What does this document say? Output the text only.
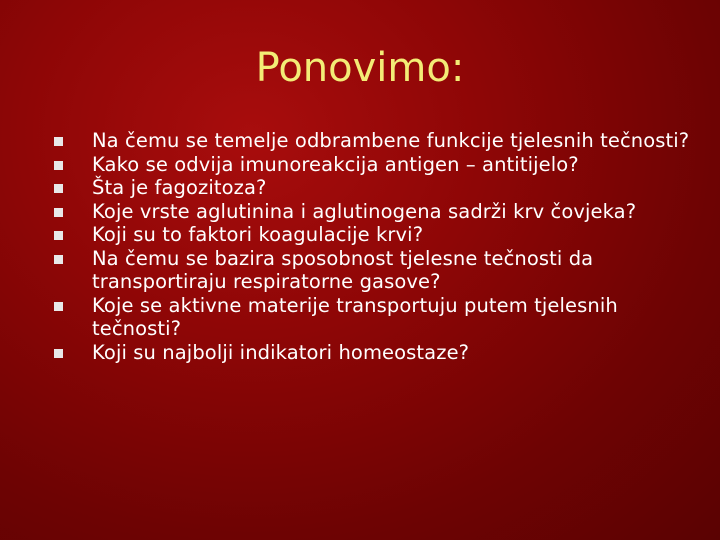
Ponovimo:
Na čemu se temelje odbrambene funkcije tjelesnih tečnosti?
Kako se odvija imunoreakcija antigen – antitijelo?
Šta je fagozitoza?
Koje vrste aglutinina i aglutinogena sadrži krv čovjeka?
Koji su to faktori koagulacije krvi?
Na čemu se bazira sposobnost tjelesne tečnosti da transportiraju respiratorne gasove?
Koje se aktivne materije transportuju putem tjelesnih tečnosti?
Koji su najbolji indikatori homeostaze?
